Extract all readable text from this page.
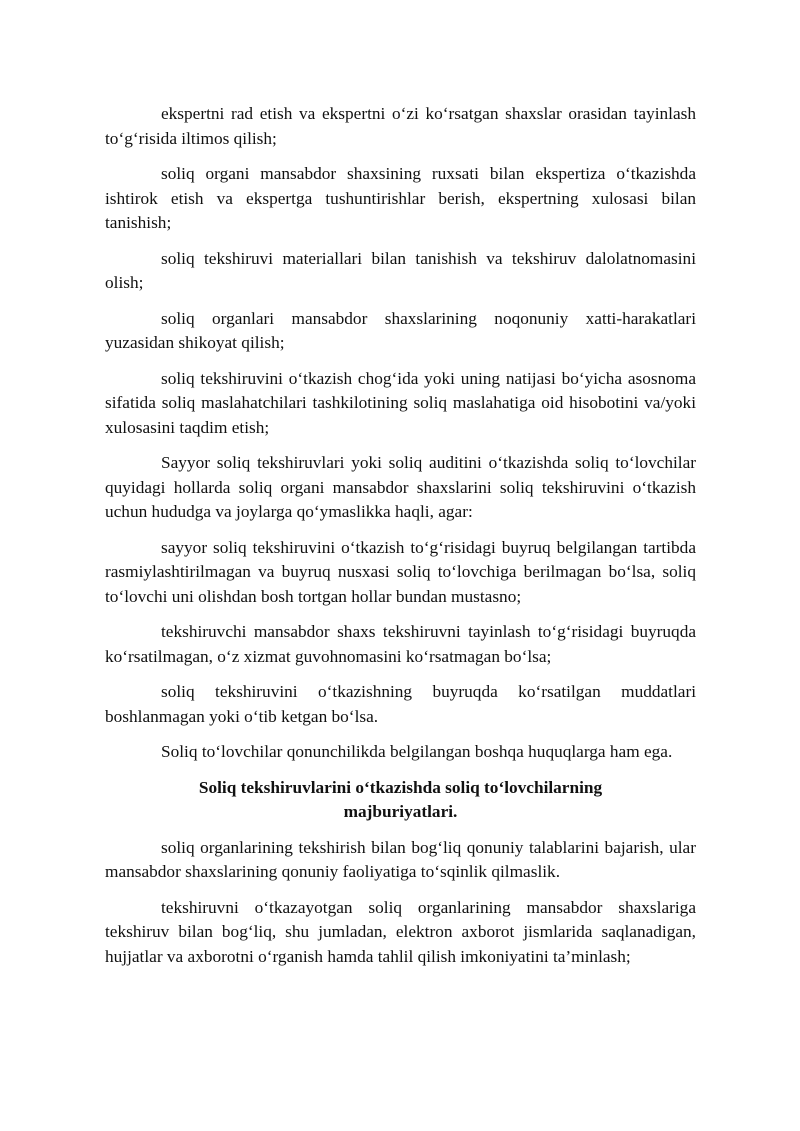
ekspertni rad etish va ekspertni o‘zi ko‘rsatgan shaxslar orasidan tayinlash to‘g‘risida iltimos qilish;

soliq organi mansabdor shaxsining ruxsati bilan ekspertiza o‘tkazishda ishtirok etish va ekspertga tushuntirishlar berish, ekspertning xulosasi bilan tanishish;

soliq tekshiruvi materiallari bilan tanishish va tekshiruv dalolatnomasini olish;

soliq organlari mansabdor shaxslarining noqonuniy xatti-harakatlari yuzasidan shikoyat qilish;

soliq tekshiruvini o‘tkazish chog‘ida yoki uning natijasi bo‘yicha asosnoma sifatida soliq maslahatchilari tashkilotining soliq maslahatiga oid hisobotini va/yoki xulosasini taqdim etish;

Sayyor soliq tekshiruvlari yoki soliq auditini o‘tkazishda soliq to‘lovchilar quyidagi hollarda soliq organi mansabdor shaxslarini soliq tekshiruvini o‘tkazish uchun hududga va joylarga qo‘ymaslikka haqli, agar:

sayyor soliq tekshiruvini o‘tkazish to‘g‘risidagi buyruq belgilangan tartibda rasmiylashtirilmagan va buyruq nusxasi soliq to‘lovchiga berilmagan bo‘lsa, soliq to‘lovchi uni olishdan bosh tortgan hollar bundan mustasno;

tekshiruvchi mansabdor shaxs tekshiruvni tayinlash to‘g‘risidagi buyruqda ko‘rsatilmagan, o‘z xizmat guvohnomasini ko‘rsatmagan bo‘lsa;

soliq tekshiruvini o‘tkazishning buyruqda ko‘rsatilgan muddatlari boshlanmagan yoki o‘tib ketgan bo‘lsa.

Soliq to‘lovchilar qonunchilikda belgilangan boshqa huquqlarga ham ega.

Soliq tekshiruvlarini o‘tkazishda soliq to‘lovchilarning majburiyatlari.

soliq organlarining tekshirish bilan bog‘liq qonuniy talablarini bajarish, ular mansabdor shaxslarining qonuniy faoliyatiga to‘sqinlik qilmaslik.

tekshiruvni o‘tkazayotgan soliq organlarining mansabdor shaxslariga tekshiruv bilan bog‘liq, shu jumladan, elektron axborot jismlarida saqlanadigan, hujjatlar va axborotni o‘rganish hamda tahlil qilish imkoniyatini ta’minlash;
